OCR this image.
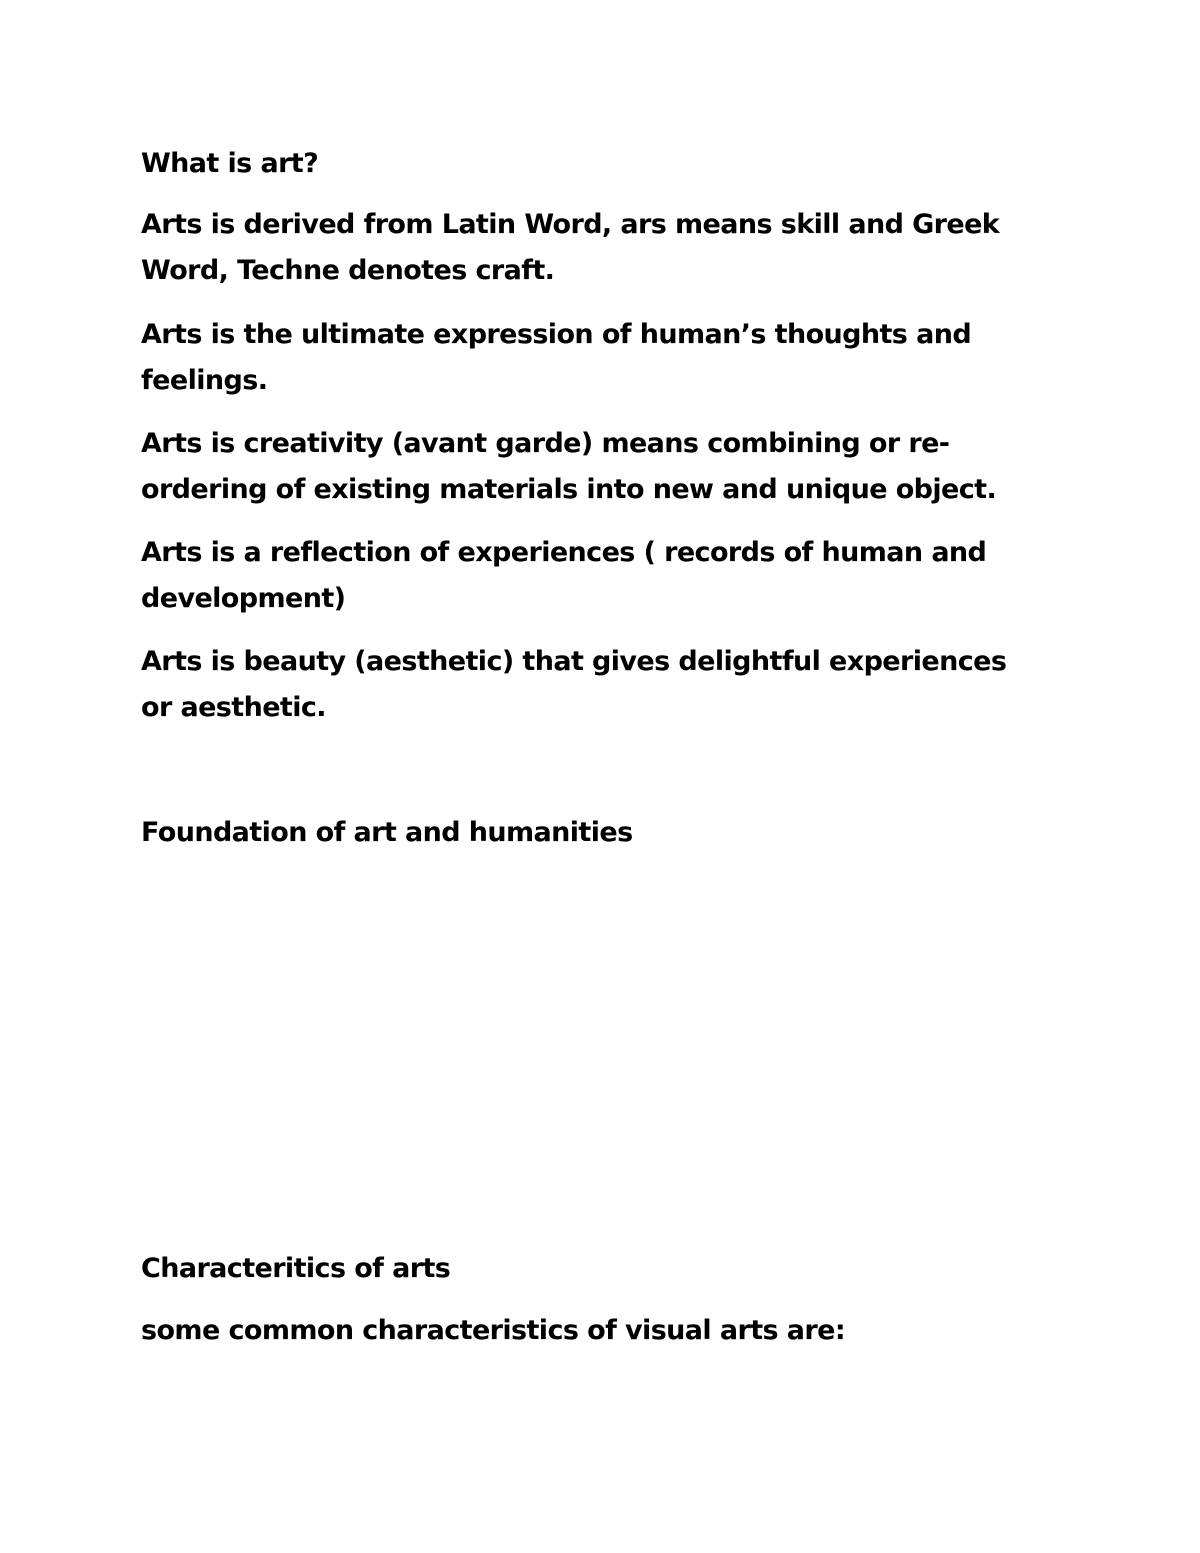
What is art?

Arts is derived from Latin Word, ars means skill and Greek Word, Techne denotes craft.

Arts is the ultimate expression of human’s thoughts and feelings.

Arts is creativity (avant garde) means combining or re-ordering of existing materials into new and unique object.

Arts is a reflection of experiences ( records of human and development)

Arts is beauty (aesthetic) that gives delightful experiences or aesthetic.

Foundation of art and humanities

Characteritics of arts

some common characteristics of visual arts are:
